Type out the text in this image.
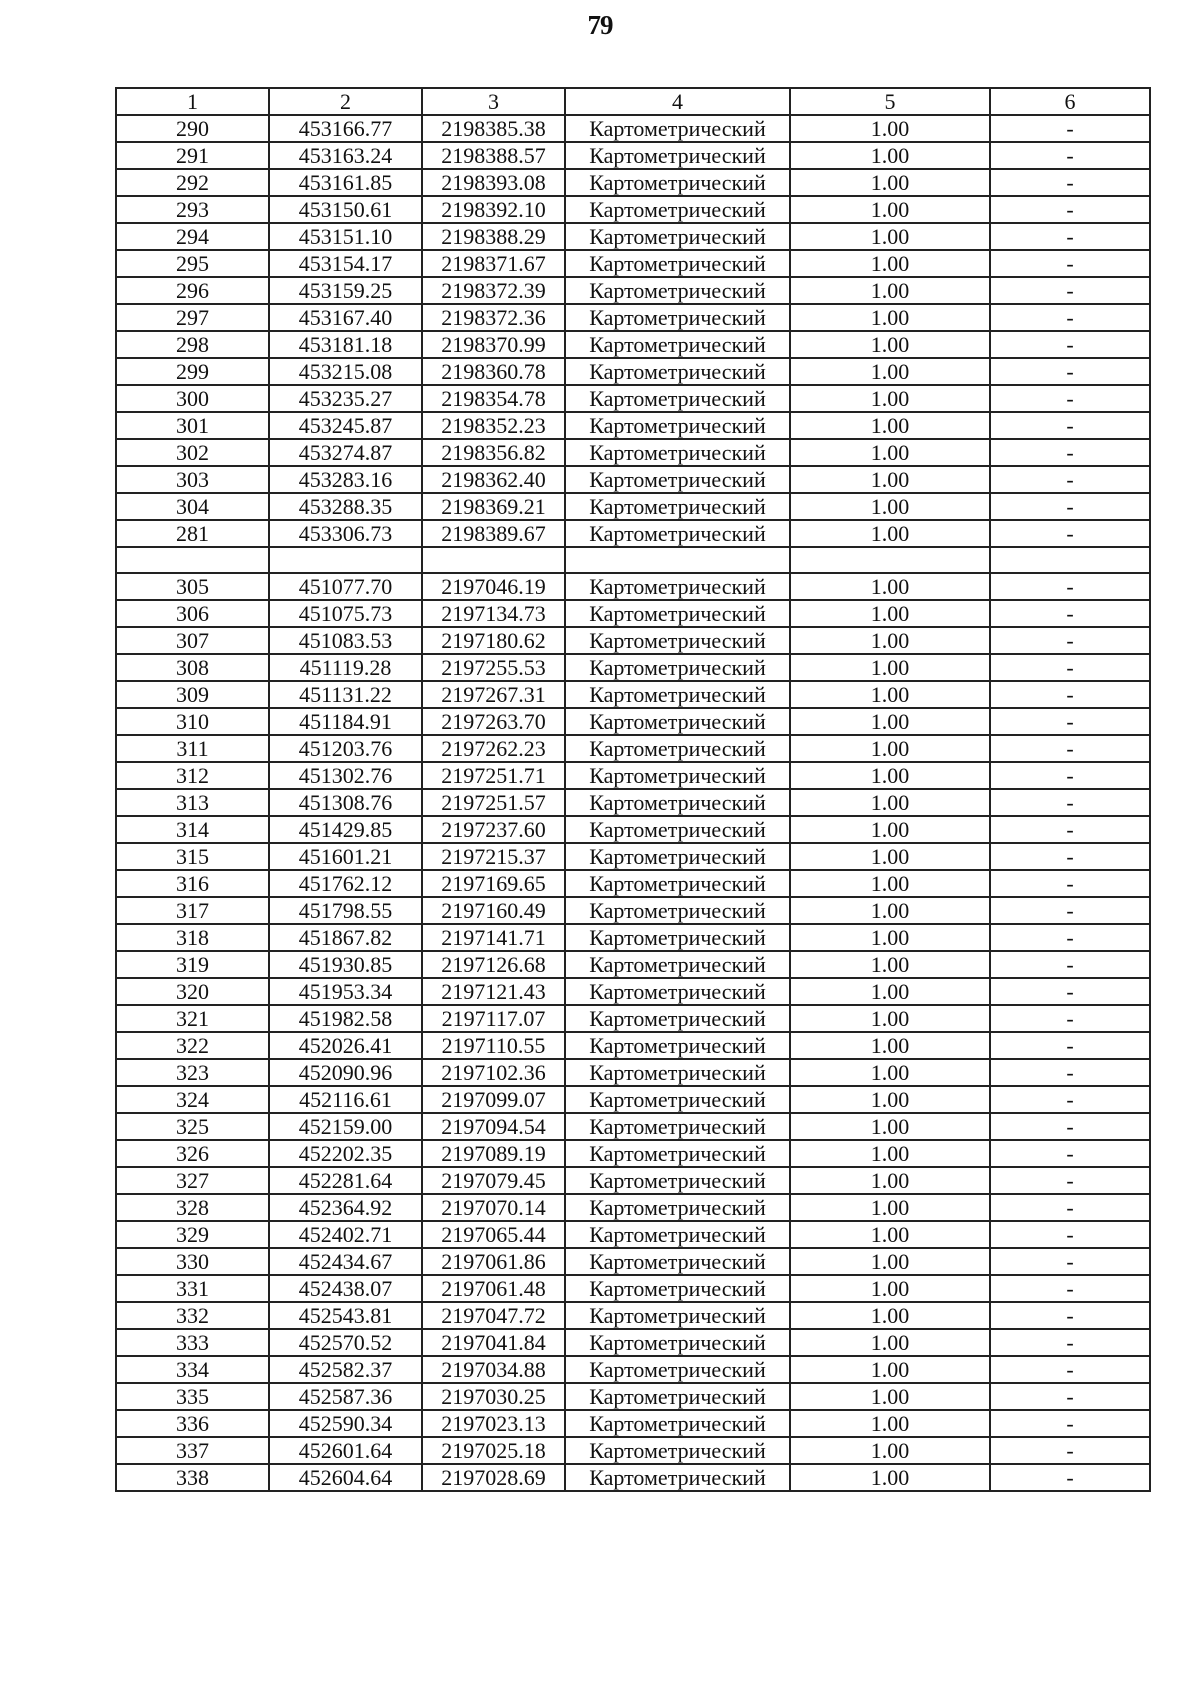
79
1	2	3	4	5	6
290	453166.77	2198385.38	Картометрический	1.00	-
291	453163.24	2198388.57	Картометрический	1.00	-
292	453161.85	2198393.08	Картометрический	1.00	-
293	453150.61	2198392.10	Картометрический	1.00	-
294	453151.10	2198388.29	Картометрический	1.00	-
295	453154.17	2198371.67	Картометрический	1.00	-
296	453159.25	2198372.39	Картометрический	1.00	-
297	453167.40	2198372.36	Картометрический	1.00	-
298	453181.18	2198370.99	Картометрический	1.00	-
299	453215.08	2198360.78	Картометрический	1.00	-
300	453235.27	2198354.78	Картометрический	1.00	-
301	453245.87	2198352.23	Картометрический	1.00	-
302	453274.87	2198356.82	Картометрический	1.00	-
303	453283.16	2198362.40	Картометрический	1.00	-
304	453288.35	2198369.21	Картометрический	1.00	-
281	453306.73	2198389.67	Картометрический	1.00	-

305	451077.70	2197046.19	Картометрический	1.00	-
306	451075.73	2197134.73	Картометрический	1.00	-
307	451083.53	2197180.62	Картометрический	1.00	-
308	451119.28	2197255.53	Картометрический	1.00	-
309	451131.22	2197267.31	Картометрический	1.00	-
310	451184.91	2197263.70	Картометрический	1.00	-
311	451203.76	2197262.23	Картометрический	1.00	-
312	451302.76	2197251.71	Картометрический	1.00	-
313	451308.76	2197251.57	Картометрический	1.00	-
314	451429.85	2197237.60	Картометрический	1.00	-
315	451601.21	2197215.37	Картометрический	1.00	-
316	451762.12	2197169.65	Картометрический	1.00	-
317	451798.55	2197160.49	Картометрический	1.00	-
318	451867.82	2197141.71	Картометрический	1.00	-
319	451930.85	2197126.68	Картометрический	1.00	-
320	451953.34	2197121.43	Картометрический	1.00	-
321	451982.58	2197117.07	Картометрический	1.00	-
322	452026.41	2197110.55	Картометрический	1.00	-
323	452090.96	2197102.36	Картометрический	1.00	-
324	452116.61	2197099.07	Картометрический	1.00	-
325	452159.00	2197094.54	Картометрический	1.00	-
326	452202.35	2197089.19	Картометрический	1.00	-
327	452281.64	2197079.45	Картометрический	1.00	-
328	452364.92	2197070.14	Картометрический	1.00	-
329	452402.71	2197065.44	Картометрический	1.00	-
330	452434.67	2197061.86	Картометрический	1.00	-
331	452438.07	2197061.48	Картометрический	1.00	-
332	452543.81	2197047.72	Картометрический	1.00	-
333	452570.52	2197041.84	Картометрический	1.00	-
334	452582.37	2197034.88	Картометрический	1.00	-
335	452587.36	2197030.25	Картометрический	1.00	-
336	452590.34	2197023.13	Картометрический	1.00	-
337	452601.64	2197025.18	Картометрический	1.00	-
338	452604.64	2197028.69	Картометрический	1.00	-
